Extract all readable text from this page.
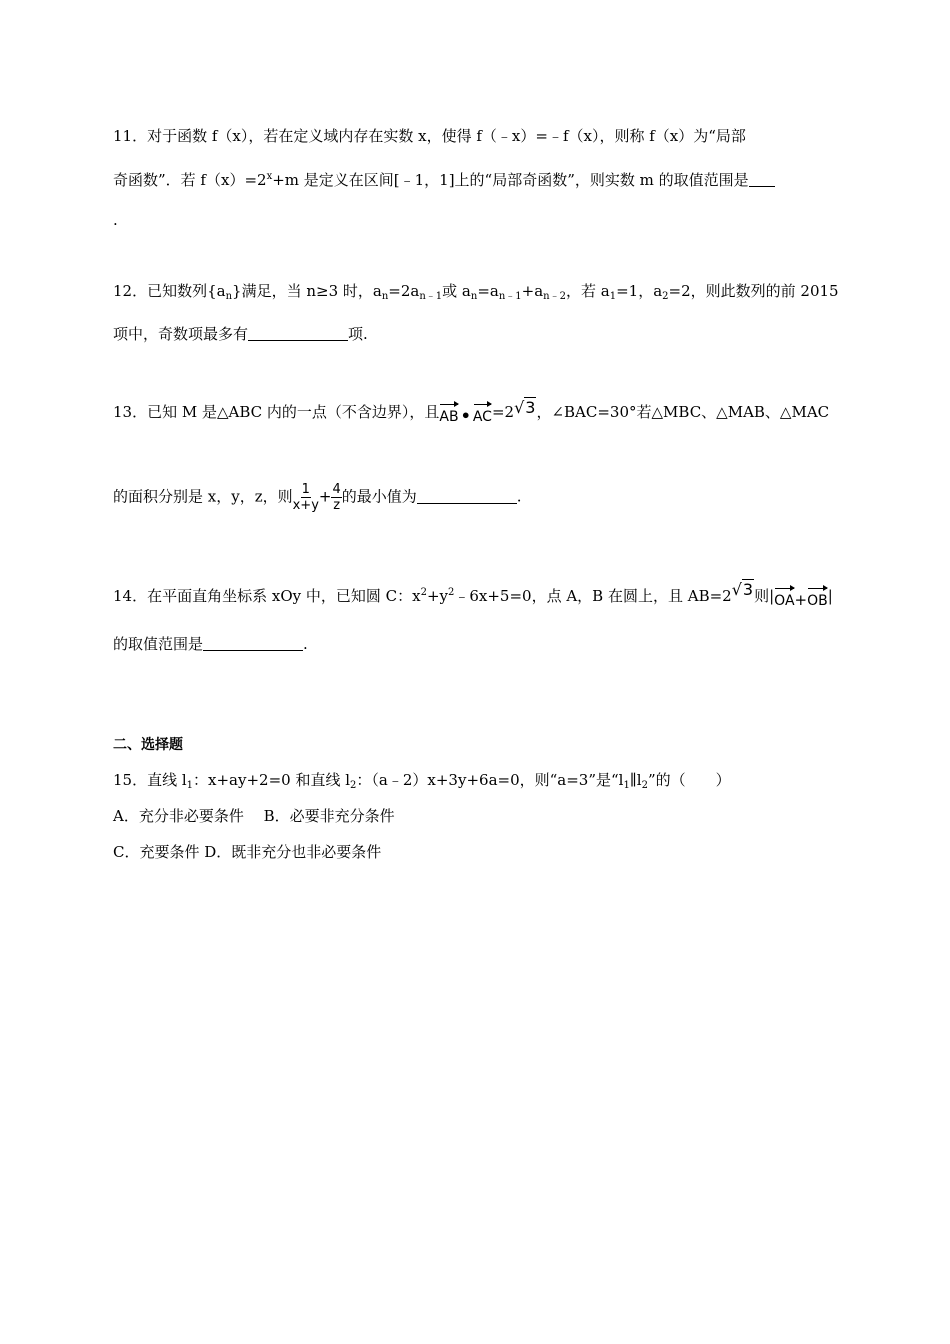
11．对于函数 f（x），若在定义域内存在实数 x，使得 f（﹣x）=﹣f（x），则称 f（x）为“局部
奇函数”．若 $f(x)=2^x+m$ 是定义在区间[﹣1，1]上的“局部奇函数”，则实数 m 的取值范围是
.
12．已知数列$\{a_n\}$满足，当 n≥3 时，$a_n=2a_{n﹣1}$或 $a_n=a_{n﹣1}+a_{n﹣2}$，若 $a_1=1$，$a_2=2$，则此数列的前 2015
项中，奇数项最多有	项.
13．已知 M 是△ABC 内的一点（不含边界），且AB • AC=2√3，∠BAC=30°若△MBC、△MAB、△MAC
的面积分别是 x，y，z，则 $\frac{1}{x+y} + \frac{4}{z}$ 的最小值为	.
14．在平面直角坐标系 xOy 中，已知圆 C：$x^2+y^2﹣6x+5=0$，点 A，B 在圆上，且 AB=2√3则|OA+OB|
的取值范围是	.
二、选择题
15．直线 $l_1$：x+ay+2=0 和直线 $l_2$：（a﹣2）x+3y+6a=0，则“a=3”是“$l_1\parallel l_2$”的（　　）
A．充分非必要条件　 B．必要非充分条件
C．充要条件 D．既非充分也非必要条件
